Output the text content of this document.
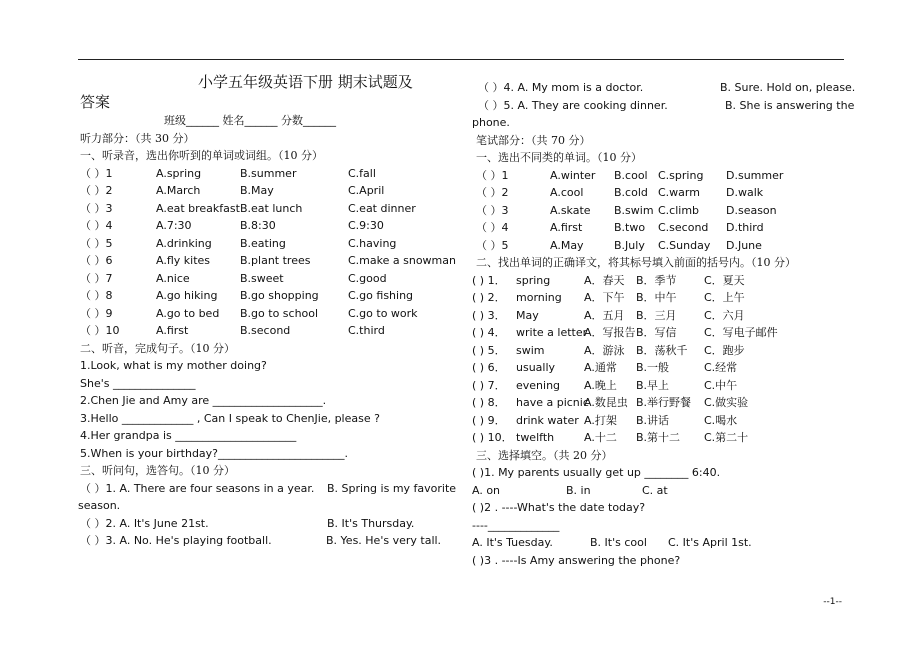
小学五年级英语下册 期末试题及
答案
班级______ 姓名______ 分数______
听力部分：（共 30 分）
一、听录音，选出你听到的单词或词组。（10 分）
（ ）1	A.spring	B.summer	C.fall
（ ）2	A.March	B.May	C.April
（ ）3	A.eat breakfast B.eat lunch	C.eat dinner
（ ）4	A.7:30	B.8:30	C.9:30
（ ）5	A.drinking	B.eating	C.having
（ ）6	A.fly kites	B.plant trees	C.make a snowman
（ ）7	A.nice	B.sweet	C.good
（ ）8	A.go hiking B.go shopping	C.go fishing
（ ）9	A.go to bed B.go to school	C.go to work
（ ）10	A.first	B.second	C.third
二、听音，完成句子。（10 分）
1.Look, what is my mother doing?
She's _______________
2.Chen Jie and Amy are ____________________.
3.Hello _____________ , Can I speak to ChenJie, please ?
4.Her grandpa is ______________________
5.When is your birthday?_______________________.
三、听问句，选答句。（10 分）
（ ）1. A. There are four seasons in a year. B. Spring is my favorite
season.
（ ）2. A. It's June 21st.	B. It's Thursday.
（ ）3. A. No. He's playing football.	B. Yes. He's very tall.
（ ）4. A. My mom is a doctor.	B. Sure. Hold on, please.
（ ）5. A. They are cooking dinner.	B. She is answering the
phone.
笔试部分：（共 70 分）
一、选出不同类的单词。（10 分）
（ ）1	A.winter B.cool C.spring D.summer
（ ）2	A.cool	B.cold C.warm D.walk
（ ）3	A.skate B.swim C.climb D.season
（ ）4	A.first	B.two C.second D.third
（ ）5	A.May	B.July C.Sunday D.June
二、找出单词的正确译文，将其标号填入前面的括号内。（10 分）
( ) 1． spring	A．春天 B．季节 C．夏天
( ) 2． morning A．下午 B．中午 C．上午
( ) 3． May	A．五月 B．三月 C．六月
( ) 4． write a letter
A．写报告 B．写信 C．写电子邮件
( ) 5． swim	A．游泳 B．荡秋千 C．跑步
( ) 6． usually	A.通常 B.一般	C.经常
( ) 7． evening A.晚上 B.早上	C.中午
( ) 8． have a picnic
A.数昆虫 B.举行野餐 C.做实验
( ) 9． drink water A.打架 B.讲话	C.喝水
( ) 10． twelfth	A.十二 B.第十二 C.第二十
三、选择填空。（共 20 分）
( )1. My parents usually get up ________ 6:40.
A. on	B. in	C. at
( )2 . ----What's the date today?
----_____________
A. It's Tuesday.	B. It's cool C. It's April 1st.
( )3 . ----Is Amy answering the phone?
--1--
